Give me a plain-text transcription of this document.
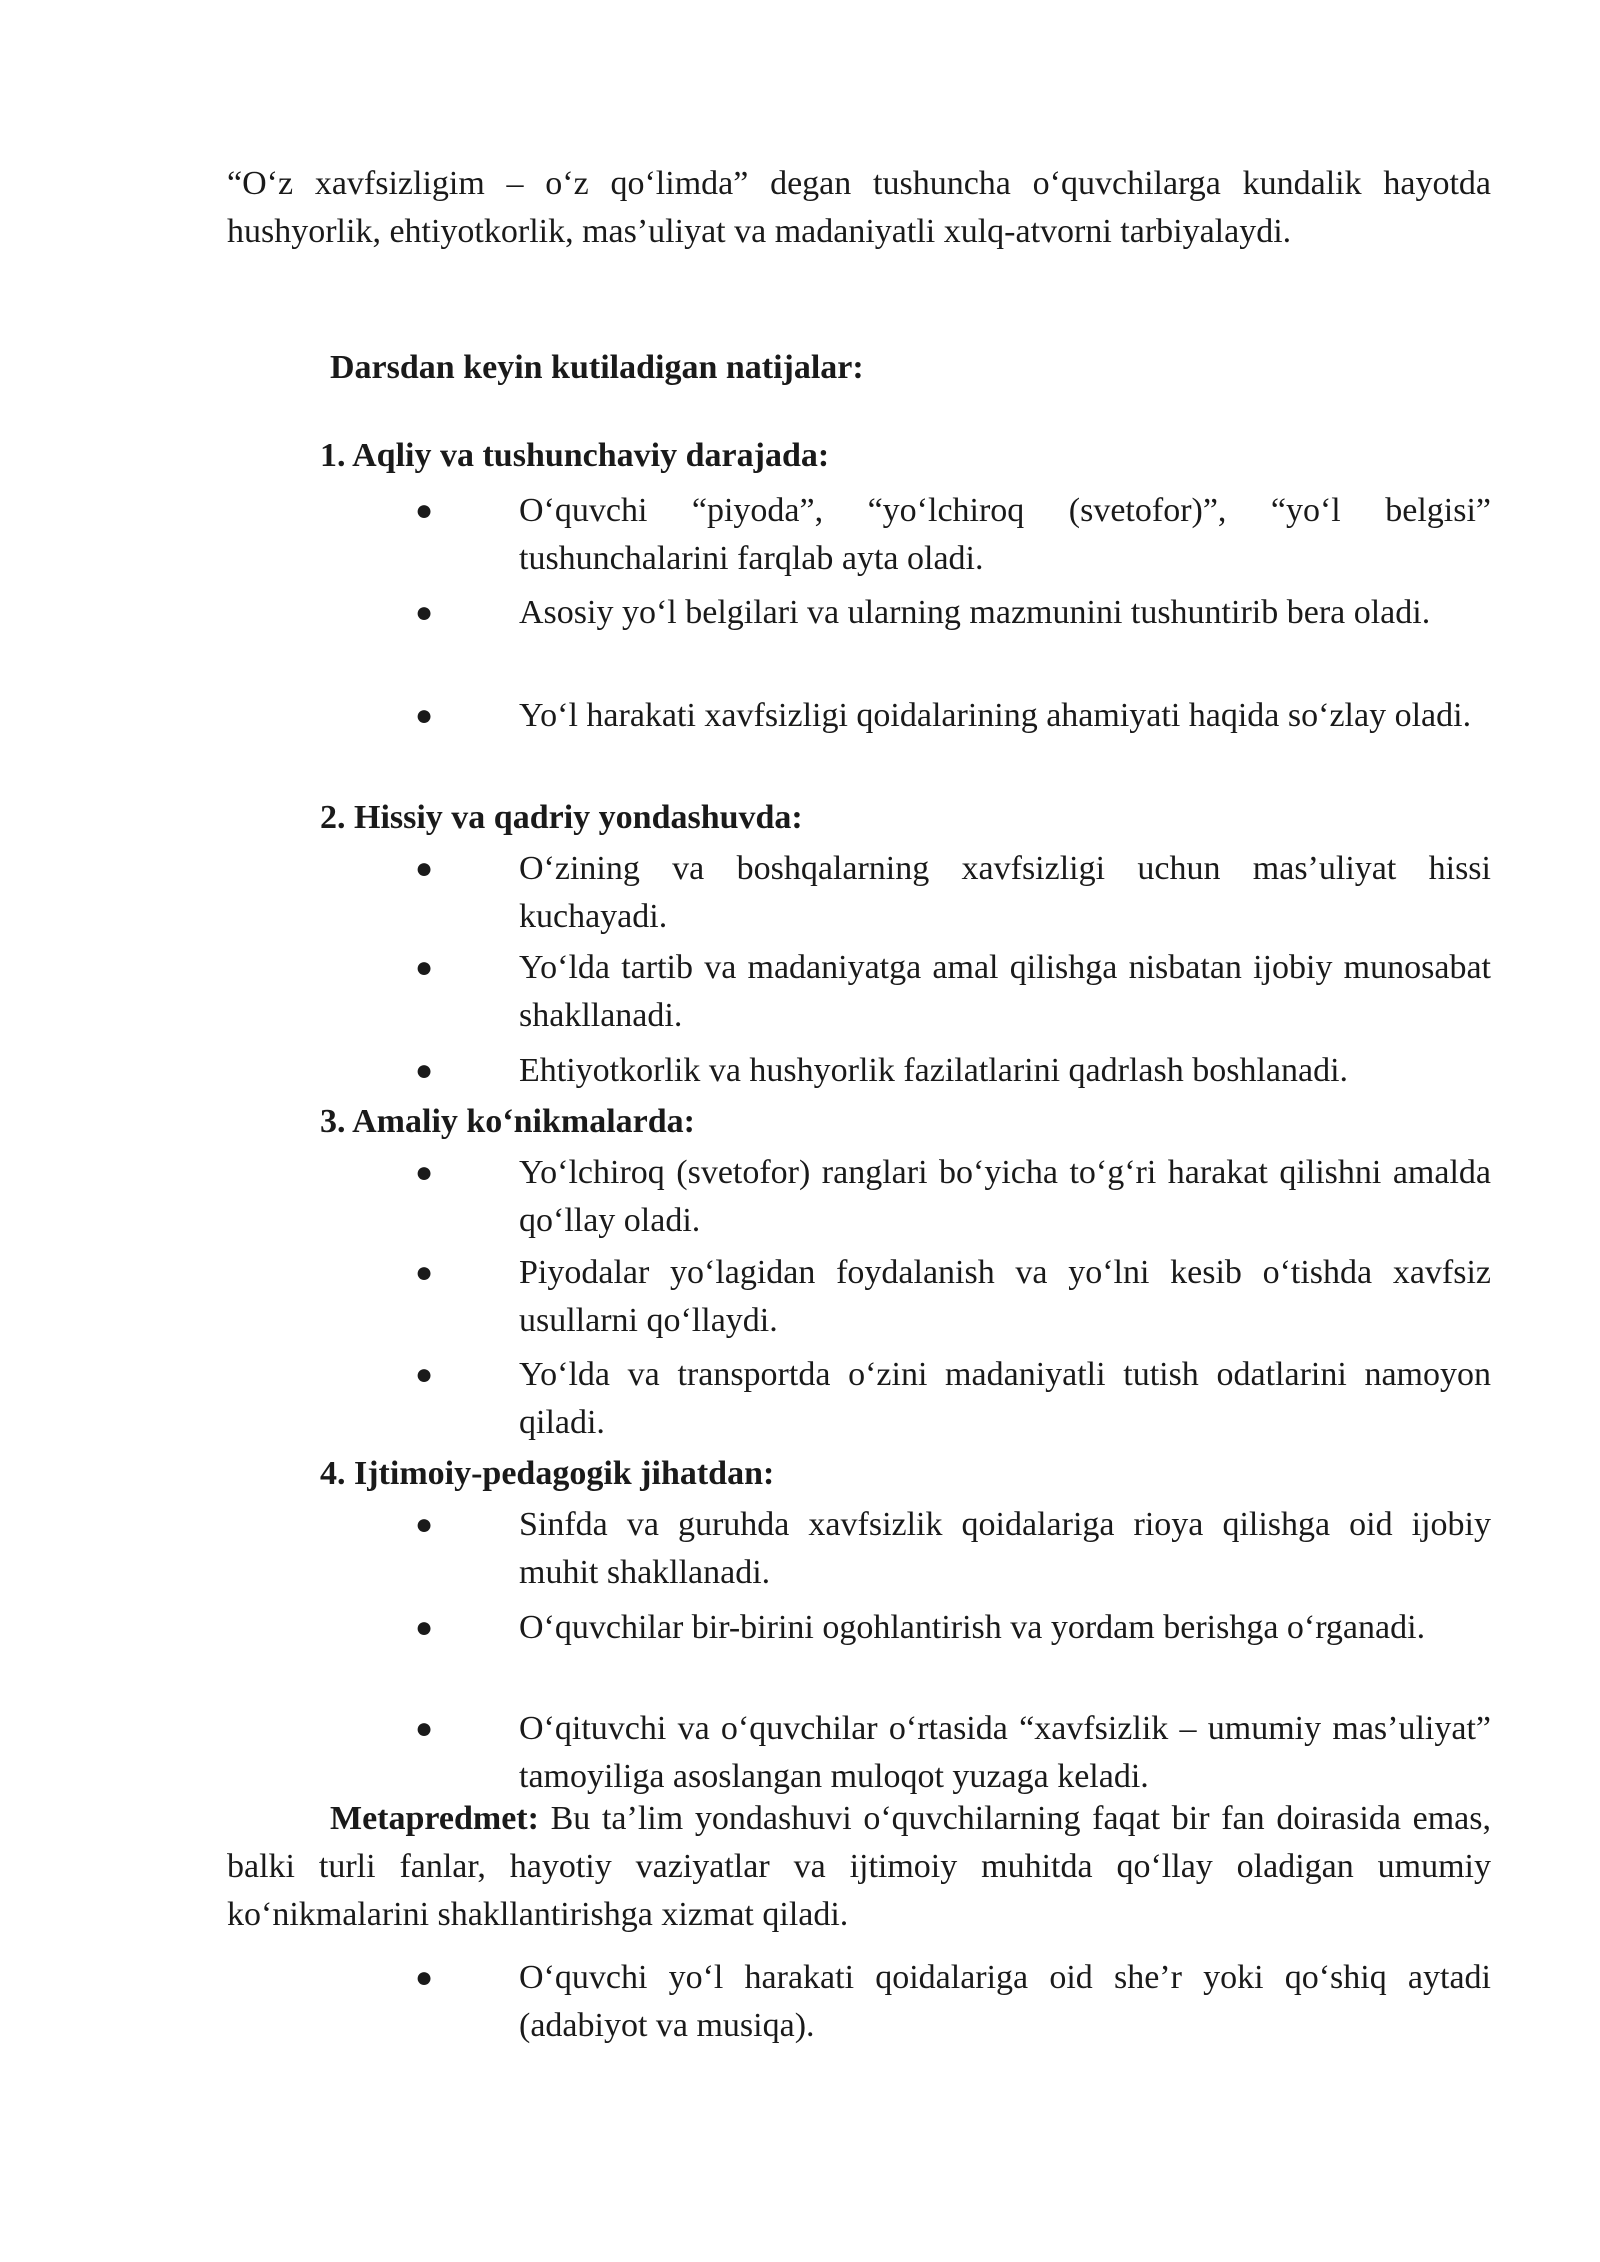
“O‘z xavfsizligim – o‘z qo‘limda” degan tushuncha o‘quvchilarga kundalik hayotda hushyorlik, ehtiyotkorlik, mas’uliyat va madaniyatli xulq-atvorni tarbiyalaydi.

Darsdan keyin kutiladigan natijalar:
1. Aqliy va tushunchaviy darajada:
●	O‘quvchi “piyoda”, “yo‘lchiroq (svetofor)”, “yo‘l belgisi” tushunchalarini farqlab ayta oladi.
●	Asosiy yo‘l belgilari va ularning mazmunini tushuntirib bera oladi.
●	Yo‘l harakati xavfsizligi qoidalarining ahamiyati haqida so‘zlay oladi.
2. Hissiy va qadriy yondashuvda:
●	O‘zining va boshqalarning xavfsizligi uchun mas’uliyat hissi kuchayadi.
●	Yo‘lda tartib va madaniyatga amal qilishga nisbatan ijobiy munosabat shakllanadi.
●	Ehtiyotkorlik va hushyorlik fazilatlarini qadrlash boshlanadi.
3. Amaliy ko‘nikmalarda:
●	Yo‘lchiroq (svetofor) ranglari bo‘yicha to‘g‘ri harakat qilishni amalda qo‘llay oladi.
●	Piyodalar yo‘lagidan foydalanish va yo‘lni kesib o‘tishda xavfsiz usullarni qo‘llaydi.
●	Yo‘lda va transportda o‘zini madaniyatli tutish odatlarini namoyon qiladi.
4. Ijtimoiy-pedagogik jihatdan:
●	Sinfda va guruhda xavfsizlik qoidalariga rioya qilishga oid ijobiy muhit shakllanadi.
●	O‘quvchilar bir-birini ogohlantirish va yordam berishga o‘rganadi.
●	O‘qituvchi va o‘quvchilar o‘rtasida “xavfsizlik – umumiy mas’uliyat” tamoyiliga asoslangan muloqot yuzaga keladi.

Metapredmet: Bu ta’lim yondashuvi o‘quvchilarning faqat bir fan doirasida emas, balki turli fanlar, hayotiy vaziyatlar va ijtimoiy muhitda qo‘llay oladigan umumiy ko‘nikmalarini shakllantirishga xizmat qiladi.

●	O‘quvchi yo‘l harakati qoidalariga oid she’r yoki qo‘shiq aytadi (adabiyot va musiqa).
